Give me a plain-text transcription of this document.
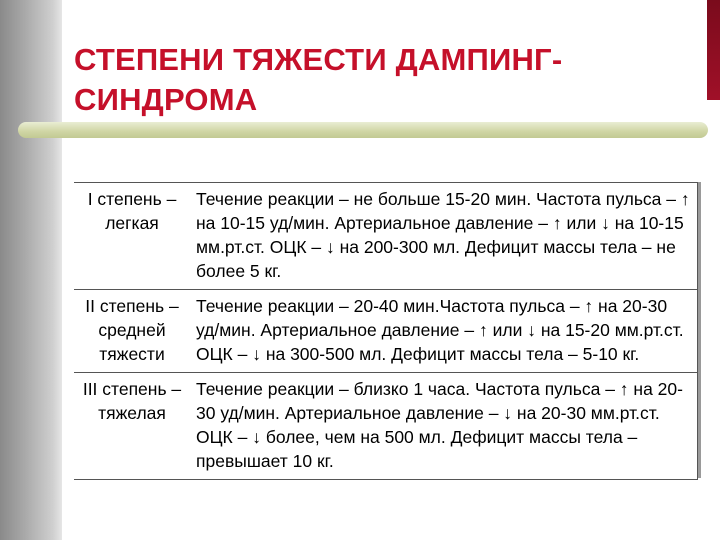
СТЕПЕНИ ТЯЖЕСТИ ДАМПИНГ-СИНДРОМА
I степень – легкая	Течение реакции – не больше 15-20 мин. Частота пульса – ↑ на 10-15 уд/мин. Артериальное давление – ↑ или ↓ на 10-15 мм.рт.ст. ОЦК – ↓ на 200-300 мл. Дефицит массы тела – не более 5 кг.
II степень – средней тяжести	Течение реакции – 20-40 мин.Частота пульса – ↑ на 20-30 уд/мин. Артериальное давление – ↑ или ↓ на 15-20 мм.рт.ст. ОЦК – ↓ на 300-500 мл. Дефицит массы тела – 5-10 кг.
III степень – тяжелая	Течение реакции – близко 1 часа. Частота пульса – ↑ на 20-30 уд/мин. Артериальное давление – ↓ на 20-30 мм.рт.ст. ОЦК – ↓ более, чем на 500 мл. Дефицит массы тела – превышает 10 кг.
